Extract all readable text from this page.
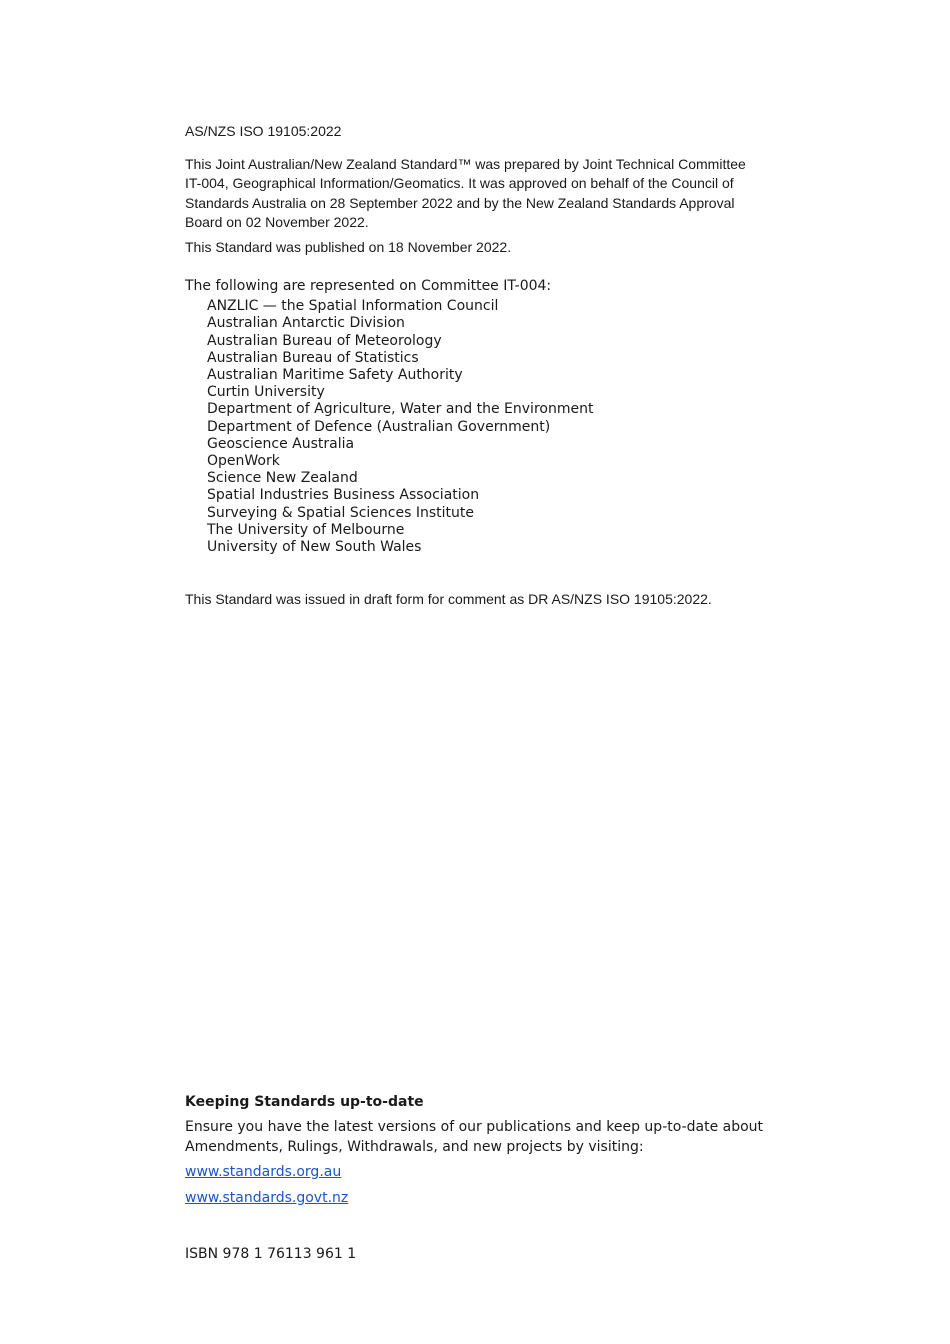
AS/NZS ISO 19105:2022

This Joint Australian/New Zealand Standard™ was prepared by Joint Technical Committee IT-004, Geographical Information/Geomatics. It was approved on behalf of the Council of Standards Australia on 28 September 2022 and by the New Zealand Standards Approval Board on 02 November 2022.

This Standard was published on 18 November 2022.

The following are represented on Committee IT-004:

ANZLIC — the Spatial Information Council
Australian Antarctic Division
Australian Bureau of Meteorology
Australian Bureau of Statistics
Australian Maritime Safety Authority
Curtin University
Department of Agriculture, Water and the Environment
Department of Defence (Australian Government)
Geoscience Australia
OpenWork
Science New Zealand
Spatial Industries Business Association
Surveying & Spatial Sciences Institute
The University of Melbourne
University of New South Wales

This Standard was issued in draft form for comment as DR AS/NZS ISO 19105:2022.

Keeping Standards up-to-date

Ensure you have the latest versions of our publications and keep up-to-date about Amendments, Rulings, Withdrawals, and new projects by visiting:

www.standards.org.au
www.standards.govt.nz

ISBN 978 1 76113 961 1
